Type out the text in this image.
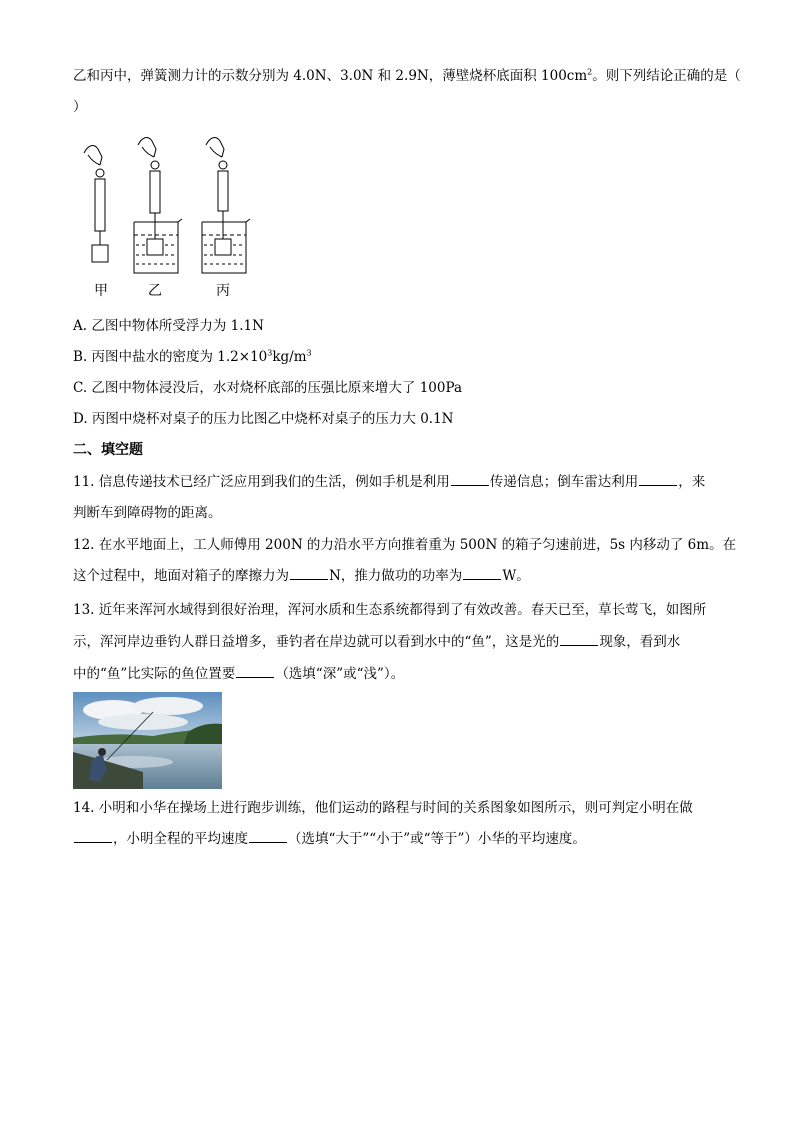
乙和丙中，弹簧测力计的示数分别为 4.0N、3.0N 和 2.9N，薄壁烧杯底面积 $100cm^2$。则下列结论正确的是（
）
甲	乙	丙
A. 乙图中物体所受浮力为 1.1N
B. 丙图中盐水的密度为 $1.2\times 10^3kg/m^3$
C. 乙图中物体浸没后，水对烧杯底部的压强比原来增大了 100Pa
D. 丙图中烧杯对桌子的压力比图乙中烧杯对桌子的压力大 0.1N
二、填空题
11. 信息传递技术已经广泛应用到我们的生活，例如手机是利用	传递信息；倒车雷达利用	，来
判断车到障碍物的距离。
12. 在水平地面上，工人师傅用 200N 的力沿水平方向推着重为 500N 的箱子匀速前进，5s 内移动了 6m。在
这个过程中，地面对箱子的摩擦力为	N，推力做功的功率为	W。
13. 近年来浑河水域得到很好治理，浑河水质和生态系统都得到了有效改善。春天已至，草长莺飞，如图所
示，浑河岸边垂钓人群日益增多，垂钓者在岸边就可以看到水中的“鱼”，这是光的	现象，看到水
中的“鱼”比实际的鱼位置要	（选填“深”或“浅”）。
14. 小明和小华在操场上进行跑步训练，他们运动的路程与时间的关系图象如图所示，则可判定小明在做
，小明全程的平均速度	（选填“大于”“小于”或“等于”）小华的平均速度。
